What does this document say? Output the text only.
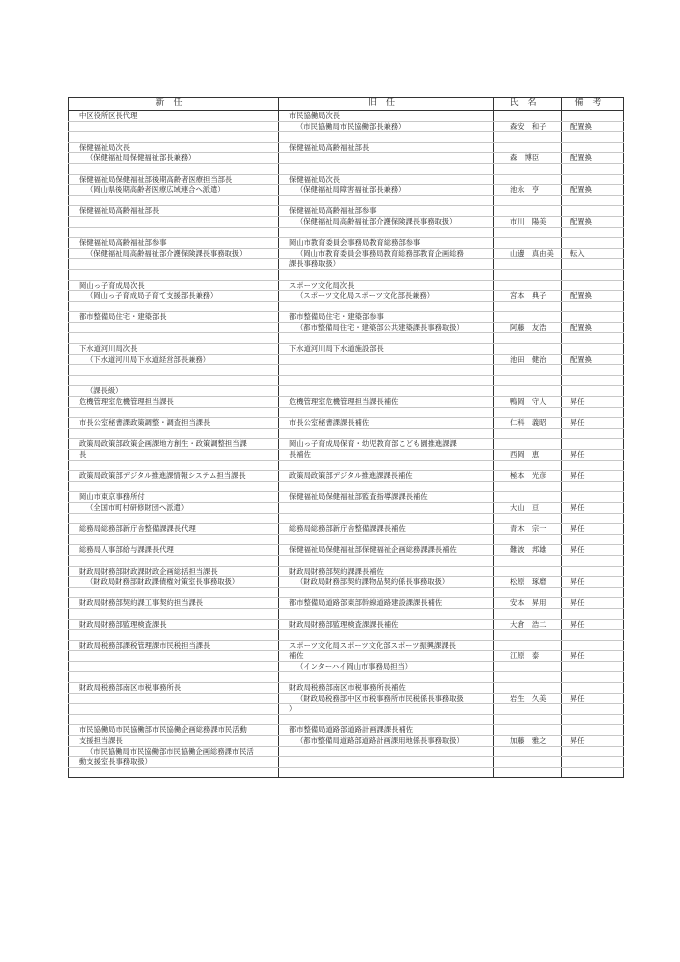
新任	旧任	氏名	備考
中区役所区長代理	市民協働局次長		
	（市民協働局市民協働部長兼務）	森安　和子	配置換

保健福祉局次長	保健福祉局高齢福祉部長		
（保健福祉局保健福祉部長兼務）		森　博臣	配置換

保健福祉局保健福祉部後期高齢者医療担当部長	保健福祉局次長		
（岡山県後期高齢者医療広域連合へ派遣）	（保健福祉局障害福祉部長兼務）	池永　亨	配置換

保健福祉局高齢福祉部長	保健福祉局高齢福祉部参事		
	（保健福祉局高齢福祉部介護保険課長事務取扱）	市川　陽美	配置換

保健福祉局高齢福祉部参事	岡山市教育委員会事務局教育総務部参事		
（保健福祉局高齢福祉部介護保険課長事務取扱）	（岡山市教育委員会事務局教育総務部教育企画総務	山邊　真由美	転入
	課長事務取扱）		

岡山っ子育成局次長	スポーツ文化局次長		
（岡山っ子育成局子育て支援部長兼務）	（スポーツ文化局スポーツ文化部長兼務）	宮本　典子	配置換

都市整備局住宅・建築部長	都市整備局住宅・建築部参事		
	（都市整備局住宅・建築部公共建築課長事務取扱）	阿藤　友浩	配置換

下水道河川局次長	下水道河川局下水道施設部長		
（下水道河川局下水道経営部長兼務）		池田　健治	配置換

（課長級）			
危機管理室危機管理担当課長	危機管理室危機管理担当課長補佐	鴨岡　守人	昇任

市長公室秘書課政策調整・調査担当課長	市長公室秘書課課長補佐	仁科　義昭	昇任

政策局政策部政策企画課地方創生・政策調整担当課	岡山っ子育成局保育・幼児教育部こども園推進課課		
長	長補佐	西岡　恵	昇任

政策局政策部デジタル推進課情報システム担当課長	政策局政策部デジタル推進課課長補佐	極本　光彦	昇任

岡山市東京事務所付	保健福祉局保健福祉部監査指導課課長補佐		
（全国市町村研修財団へ派遣）		大山　亘	昇任

総務局総務部新庁舎整備課課長代理	総務局総務部新庁舎整備課課長補佐	青木　宗一	昇任

総務局人事部給与課課長代理	保健福祉局保健福祉部保健福祉企画総務課課長補佐	難波　邦雄	昇任

財政局財務部財政課財政企画総括担当課長	財政局財務部契約課課長補佐		
（財政局財務部財政課債権対策室長事務取扱）	（財政局財務部契約課物品契約係長事務取扱）	松原　琢磨	昇任

財政局財務部契約課工事契約担当課長	都市整備局道路部東部幹線道路建設課課長補佐	安本　昇用	昇任

財政局財務部監理検査課長	財政局財務部監理検査課課長補佐	大倉　浩二	昇任

財政局税務部課税管理課市民税担当課長	スポーツ文化局スポーツ文化部スポーツ振興課課長		
	補佐	江原　泰	昇任
	（インターハイ岡山市事務局担当）		

財政局税務部南区市税事務所長	財政局税務部南区市税事務所長補佐		
	（財政局税務部中区市税事務所市民税係長事務取扱	岩生　久美	昇任
	）		

市民協働局市民協働部市民協働企画総務課市民活動	都市整備局道路部道路計画課課長補佐		
支援担当課長	（都市整備局道路部道路計画課用地係長事務取扱）	加藤　雅之	昇任
（市民協働局市民協働部市民協働企画総務課市民活			
動支援室長事務取扱）			
